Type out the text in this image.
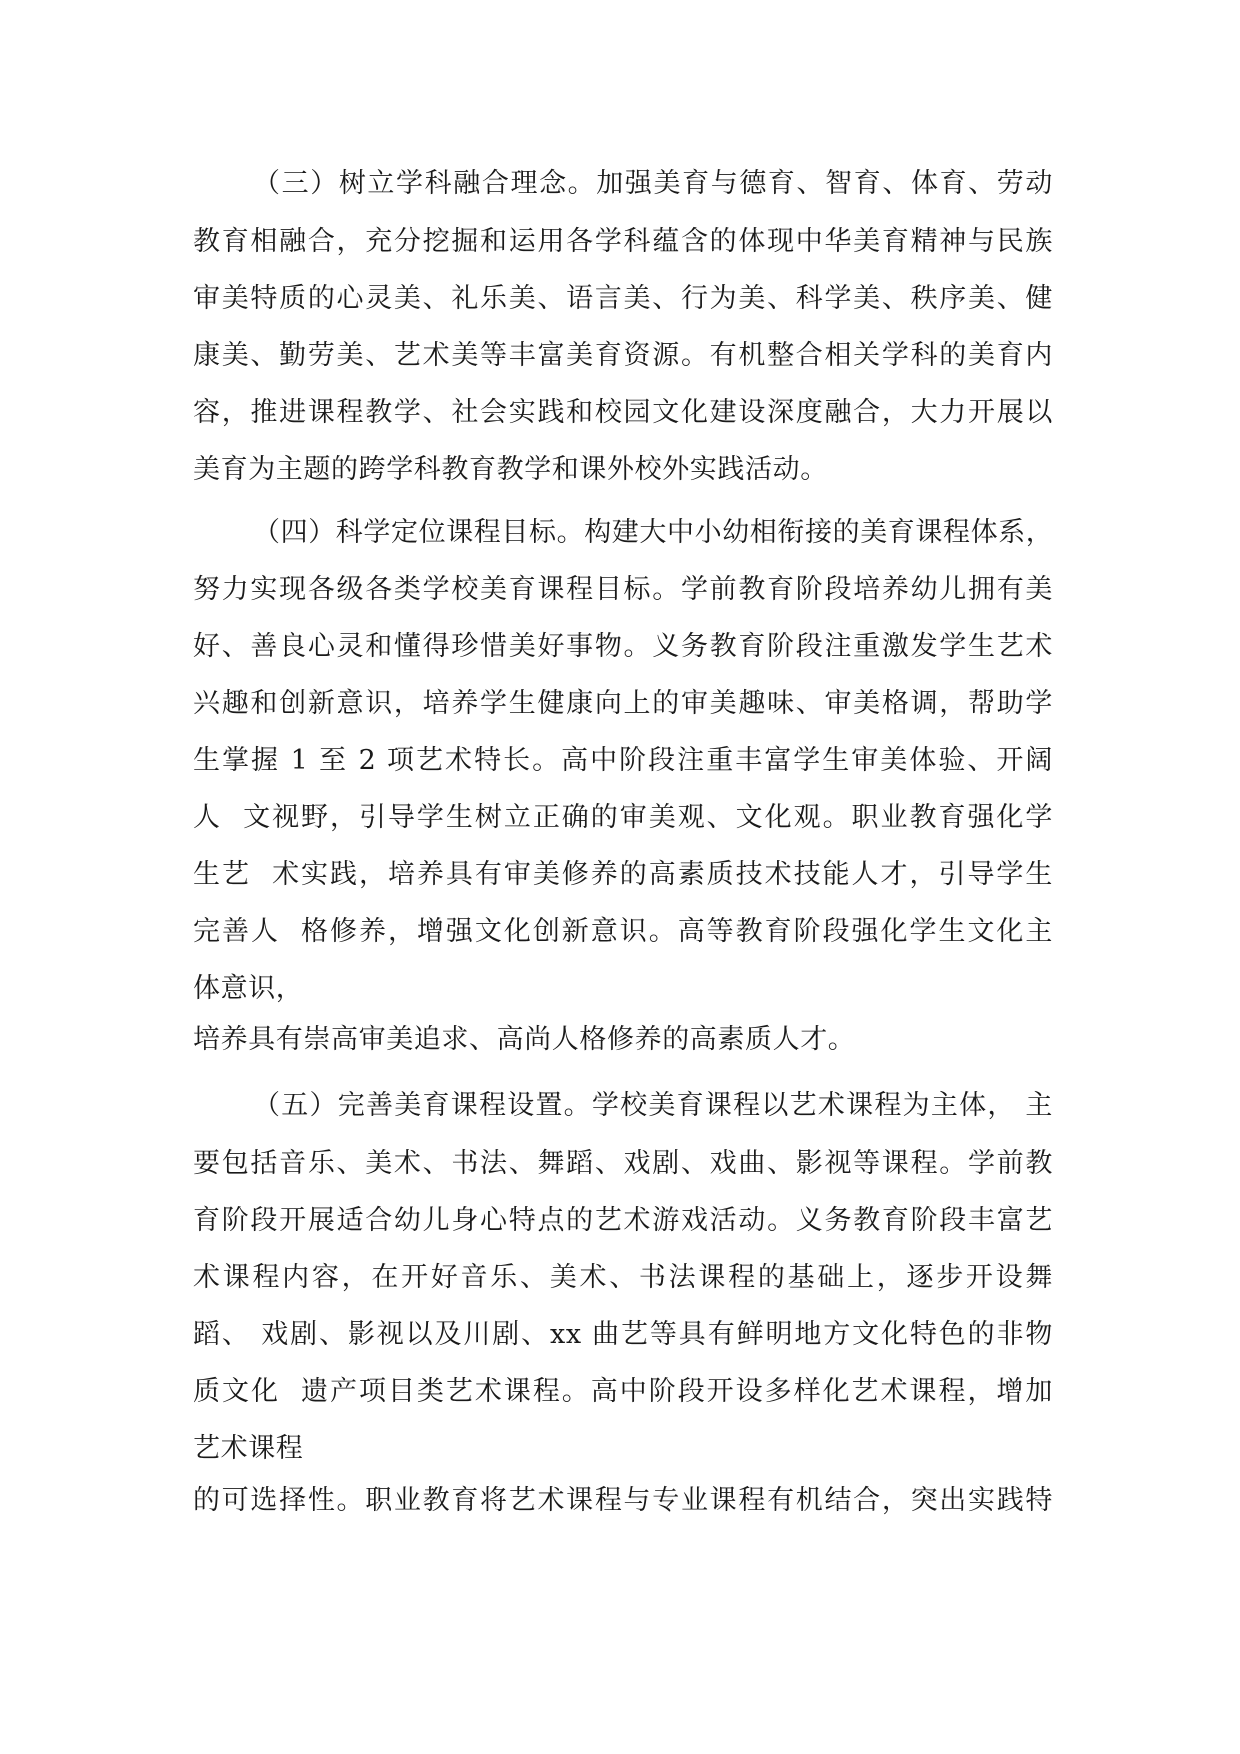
（三）树立学科融合理念。加强美育与德育、智育、体育、劳动
教育相融合，充分挖掘和运用各学科蕴含的体现中华美育精神与民族
审美特质的心灵美、礼乐美、语言美、行为美、科学美、秩序美、健
康美、勤劳美、艺术美等丰富美育资源。有机整合相关学科的美育内
容，推进课程教学、社会实践和校园文化建设深度融合，大力开展以
美育为主题的跨学科教育教学和课外校外实践活动。
（四）科学定位课程目标。构建大中小幼相衔接的美育课程体系，
努力实现各级各类学校美育课程目标。学前教育阶段培养幼儿拥有美
好、善良心灵和懂得珍惜美好事物。义务教育阶段注重激发学生艺术
兴趣和创新意识，培养学生健康向上的审美趣味、审美格调，帮助学
生掌握 1 至 2 项艺术特长。高中阶段注重丰富学生审美体验、开阔
人  文视野，引导学生树立正确的审美观、文化观。职业教育强化学
生艺  术实践，培养具有审美修养的高素质技术技能人才，引导学生
完善人  格修养，增强文化创新意识。高等教育阶段强化学生文化主
体意识，
培养具有崇高审美追求、高尚人格修养的高素质人才。
（五）完善美育课程设置。学校美育课程以艺术课程为主体， 主
要包括音乐、美术、书法、舞蹈、戏剧、戏曲、影视等课程。学前教
育阶段开展适合幼儿身心特点的艺术游戏活动。义务教育阶段丰富艺
术课程内容，在开好音乐、美术、书法课程的基础上，逐步开设舞
蹈、 戏剧、影视以及川剧、xx 曲艺等具有鲜明地方文化特色的非物
质文化  遗产项目类艺术课程。高中阶段开设多样化艺术课程，增加
艺术课程
的可选择性。职业教育将艺术课程与专业课程有机结合，突出实践特
